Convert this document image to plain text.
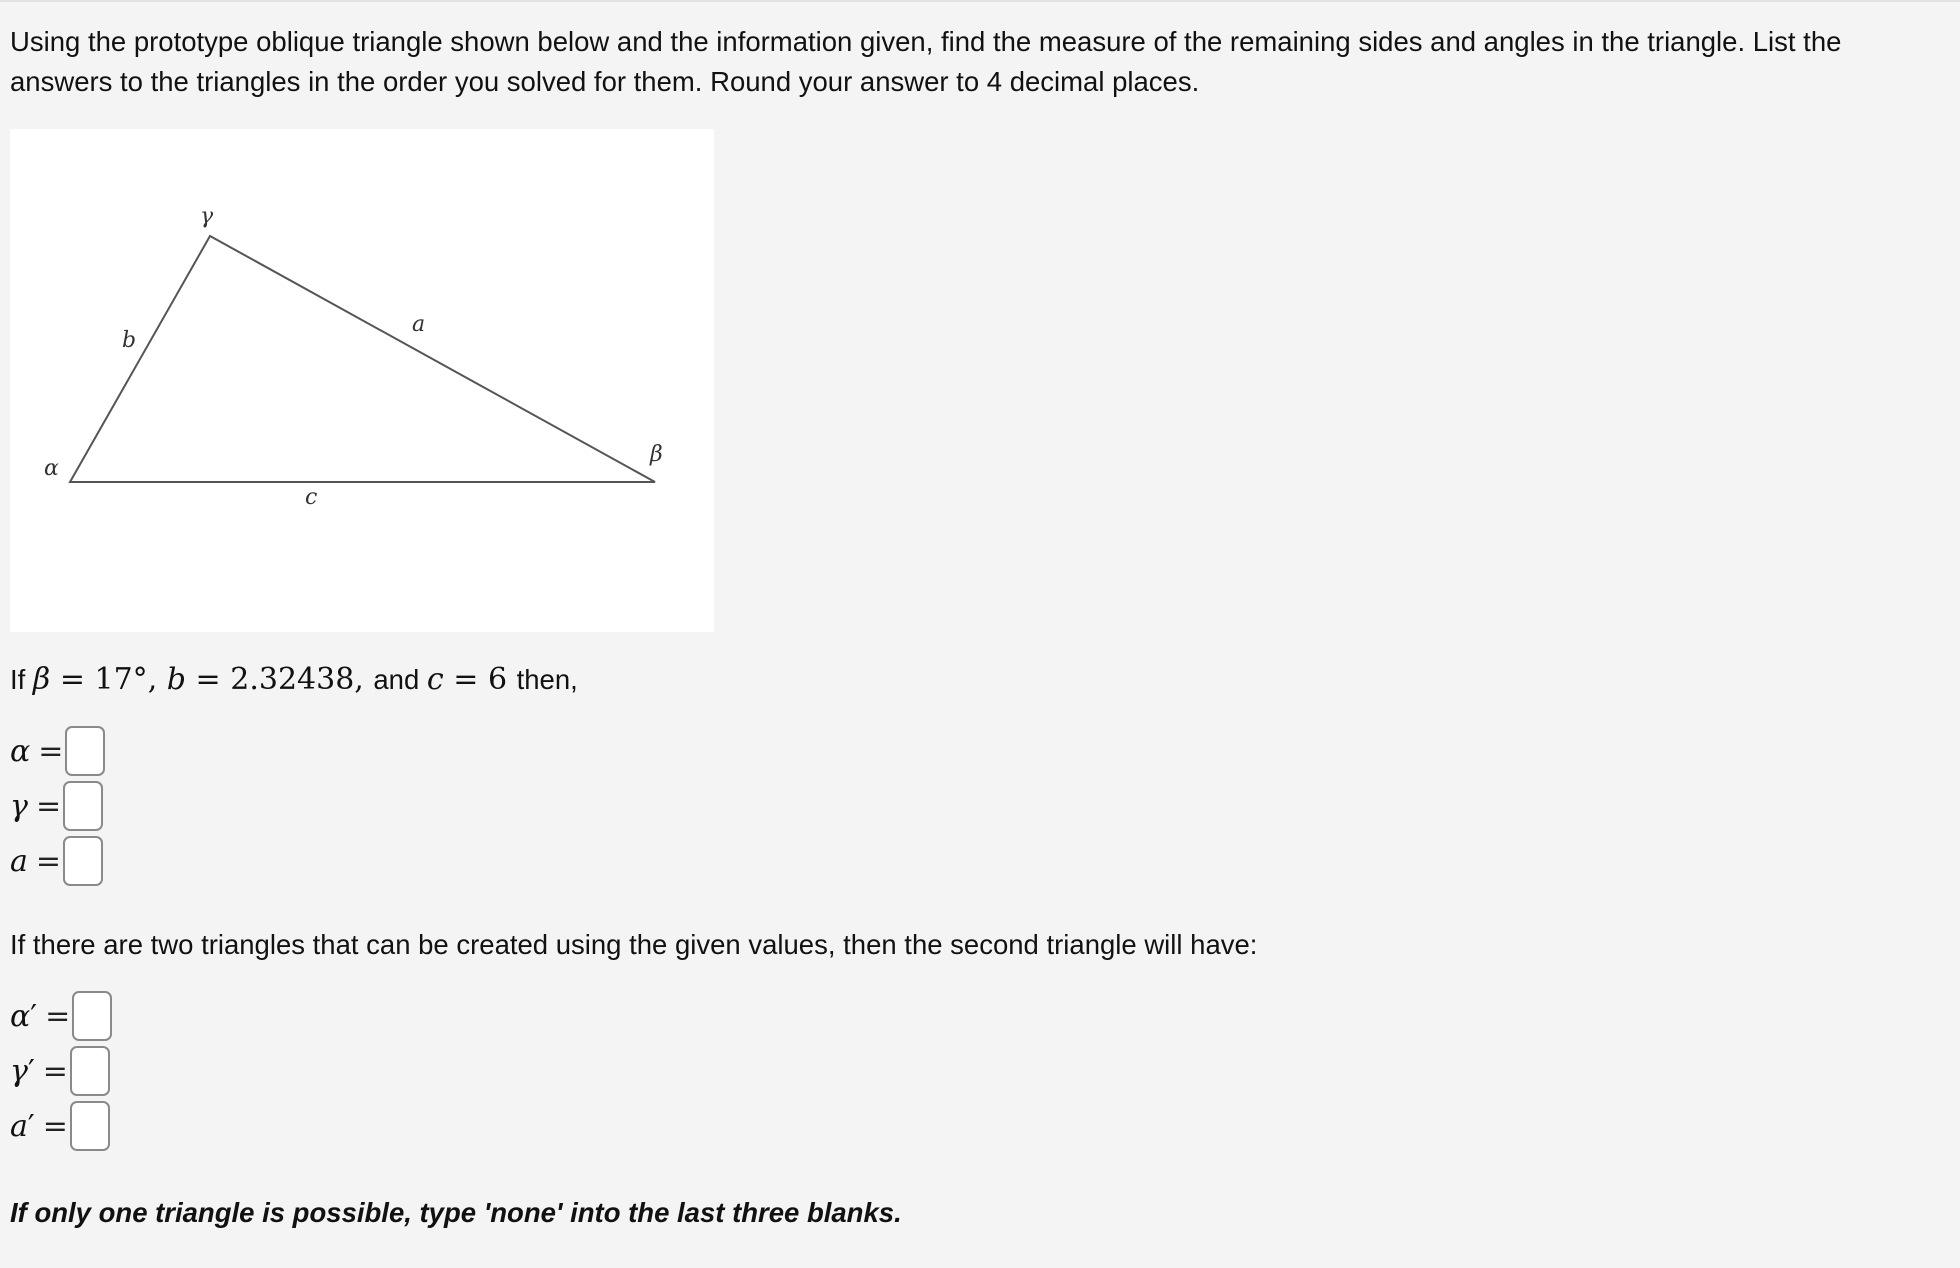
Using the prototype oblique triangle shown below and the information given, find the measure of the remaining sides and angles in the triangle. List the answers to the triangles in the order you solved for them. Round your answer to 4 decimal places.
γ
b
a
α
β
c
If β = 17°, b = 2.32438, and c = 6 then,
α =
γ =
a =
If there are two triangles that can be created using the given values, then the second triangle will have:
α ′ =
γ ′ =
a ′ =
If only one triangle is possible, type 'none' into the last three blanks.
